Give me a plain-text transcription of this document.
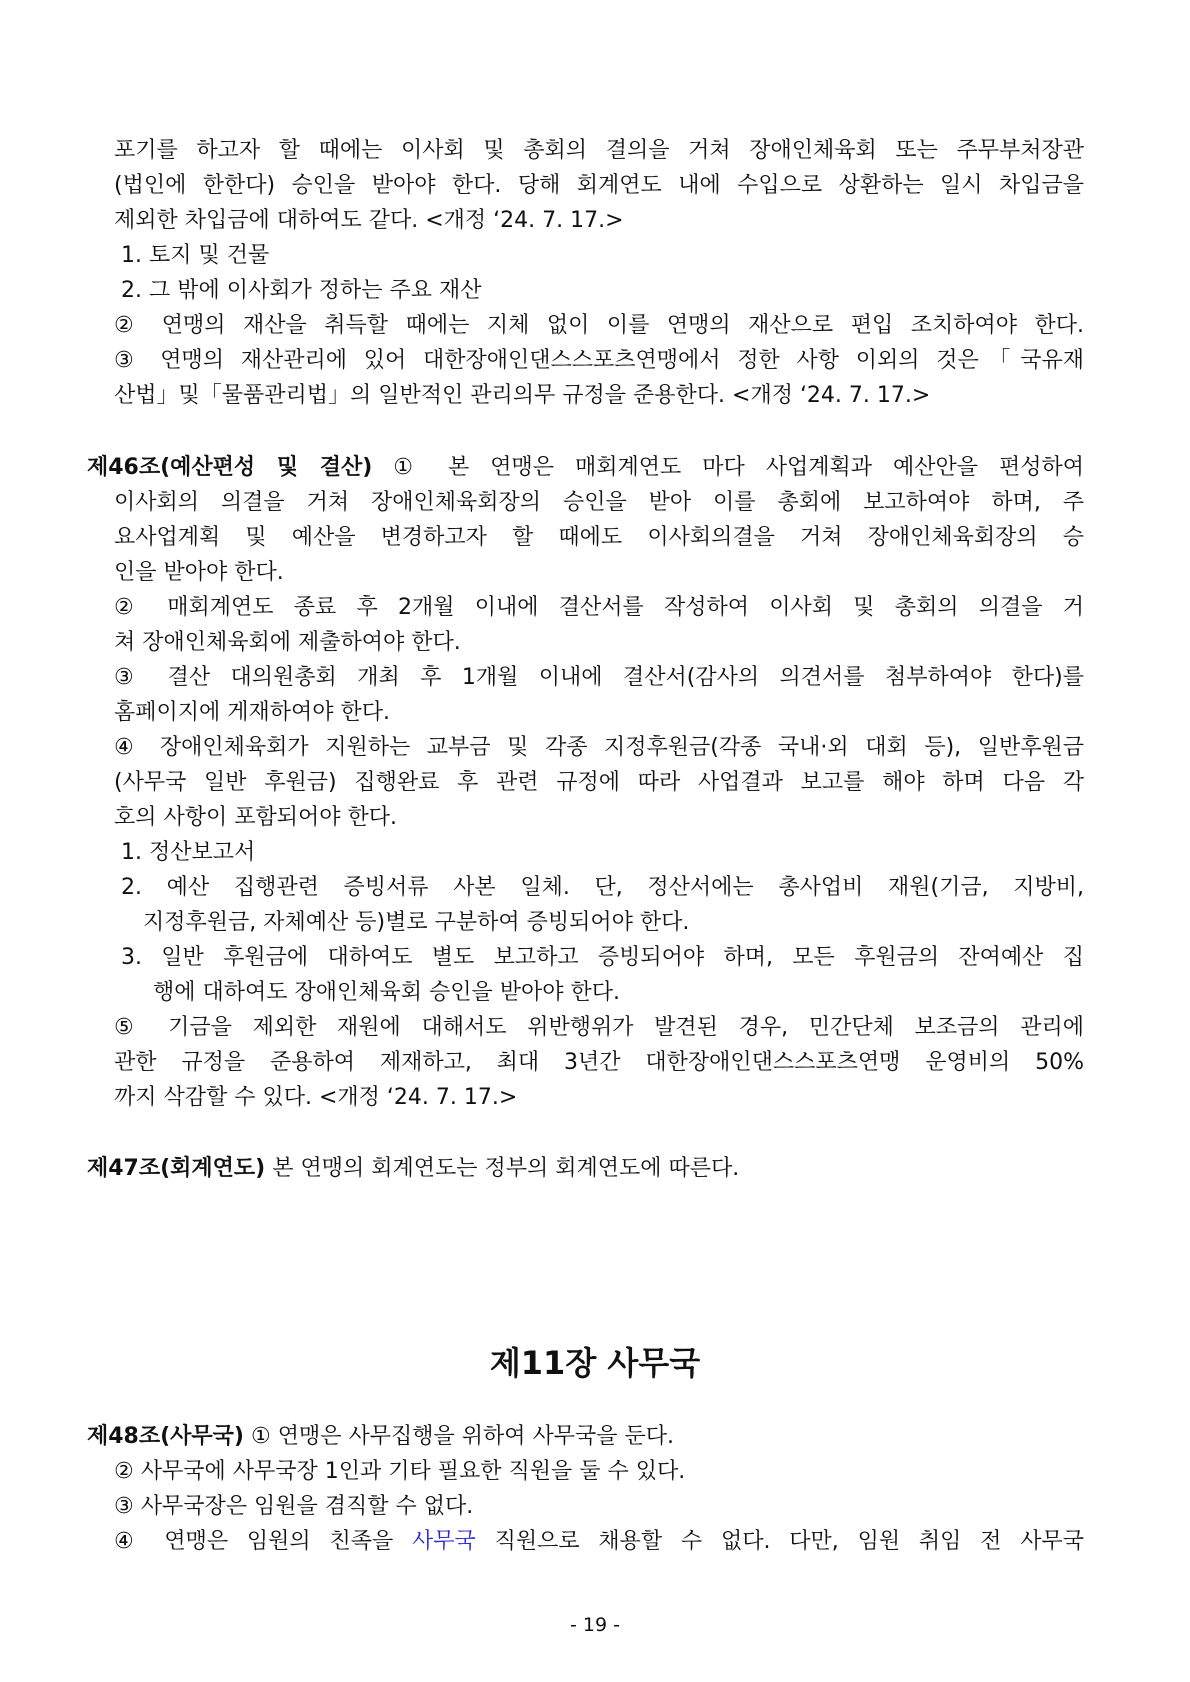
포기를 하고자 할 때에는 이사회 및 총회의 결의을 거쳐 장애인체육회 또는 주무부처장관
(법인에 한한다) 승인을 받아야 한다. 당해 회계연도 내에 수입으로 상환하는 일시 차입금을
제외한 차입금에 대하여도 같다. <개정 ‘24. 7. 17.>
1. 토지 및 건물
2. 그 밖에 이사회가 정하는 주요 재산
② 연맹의 재산을 취득할 때에는 지체 없이 이를 연맹의 재산으로 편입 조치하여야 한다.
③ 연맹의 재산관리에 있어 대한장애인댄스스포츠연맹에서 정한 사항 이외의 것은「국유재
산법」및「물품관리법」의 일반적인 관리의무 규정을 준용한다. <개정 ‘24. 7. 17.>
제46조(예산편성 및 결산) ① 본 연맹은 매회계연도 마다 사업계획과 예산안을 편성하여
이사회의 의결을 거쳐 장애인체육회장의 승인을 받아 이를 총회에 보고하여야 하며, 주
요사업계획 및 예산을 변경하고자 할 때에도 이사회의결을 거쳐 장애인체육회장의 승
인을 받아야 한다.
② 매회계연도 종료 후 2개월 이내에 결산서를 작성하여 이사회 및 총회의 의결을 거
쳐 장애인체육회에 제출하여야 한다.
③ 결산 대의원총회 개최 후 1개월 이내에 결산서(감사의 의견서를 첨부하여야 한다)를
홈페이지에 게재하여야 한다.
④ 장애인체육회가 지원하는 교부금 및 각종 지정후원금(각종 국내·외 대회 등), 일반후원금
(사무국 일반 후원금) 집행완료 후 관련 규정에 따라 사업결과 보고를 해야 하며 다음 각
호의 사항이 포함되어야 한다.
1. 정산보고서
2. 예산 집행관련 증빙서류 사본 일체. 단, 정산서에는 총사업비 재원(기금, 지방비,
지정후원금, 자체예산 등)별로 구분하여 증빙되어야 한다.
3. 일반 후원금에 대하여도 별도 보고하고 증빙되어야 하며, 모든 후원금의 잔여예산 집
행에 대하여도 장애인체육회 승인을 받아야 한다.
⑤ 기금을 제외한 재원에 대해서도 위반행위가 발견된 경우, 민간단체 보조금의 관리에
관한 규정을 준용하여 제재하고, 최대 3년간 대한장애인댄스스포츠연맹 운영비의 50%
까지 삭감할 수 있다. <개정 ‘24. 7. 17.>
제47조(회계연도) 본 연맹의 회계연도는 정부의 회계연도에 따른다.
제11장 사무국
제48조(사무국) ① 연맹은 사무집행을 위하여 사무국을 둔다.
② 사무국에 사무국장 1인과 기타 필요한 직원을 둘 수 있다.
③ 사무국장은 임원을 겸직할 수 없다.
④ 연맹은 임원의 친족을 사무국 직원으로 채용할 수 없다. 다만, 임원 취임 전 사무국
- 19 -
